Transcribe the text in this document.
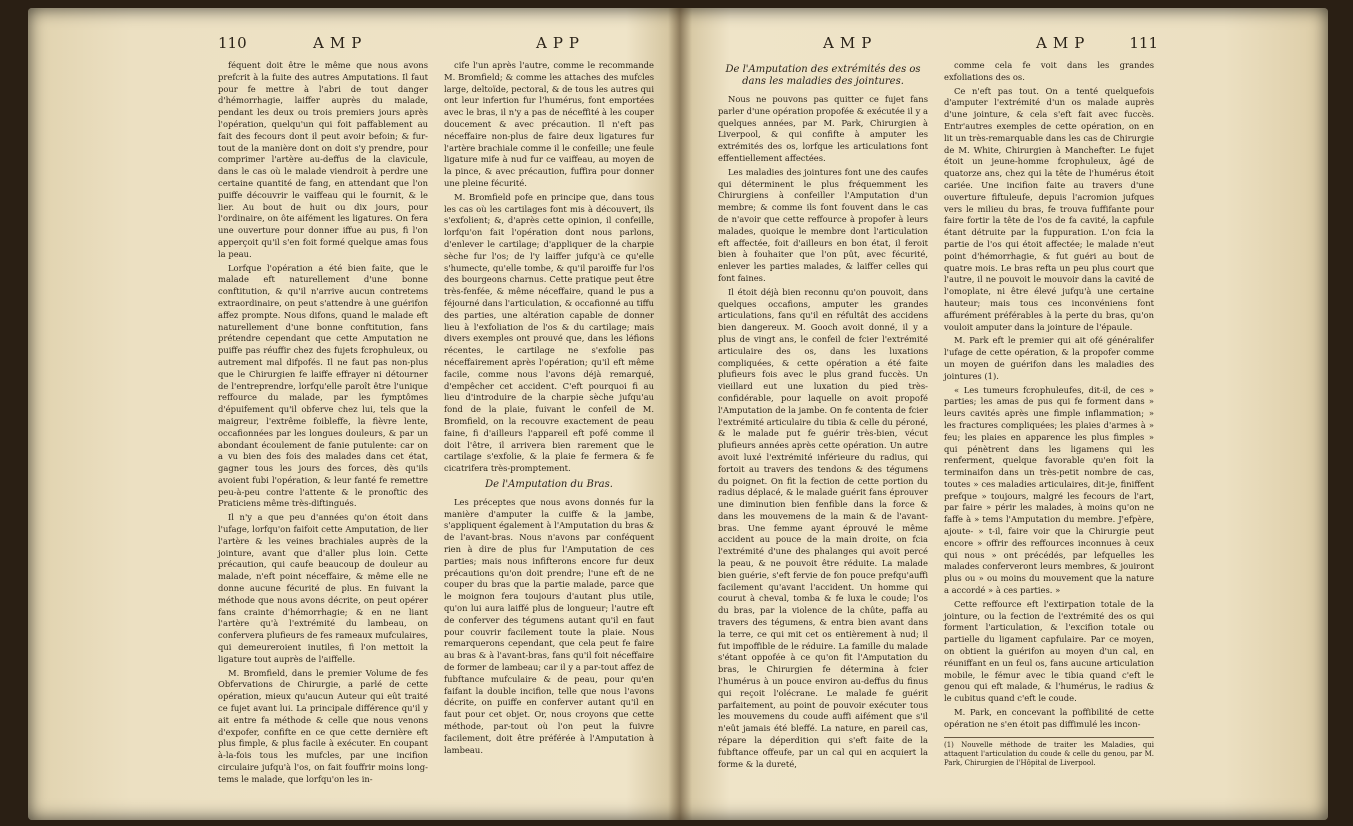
110	AMP	APP

féquent doit être le même que nous avons prefcrit à la fuite des autres Amputations. Il faut pour fe mettre à l'abri de tout danger d'hémorrhagie, laiffer auprès du malade, pendant les deux ou trois premiers jours après l'opération, quelqu'un qui foit paffablement au fait des fecours dont il peut avoir befoin; & fur-tout de la manière dont on doit s'y prendre, pour comprimer l'artère au-deffus de la clavicule, dans le cas où le malade viendroit à perdre une certaine quantité de fang, en attendant que l'on puiffe découvrir le vaiffeau qui le fournit, & le lier. Au bout de huit ou dix jours, pour l'ordinaire, on ôte aifément les ligatures. On fera une ouverture pour donner iffue au pus, fi l'on apperçoit qu'il s'en foit formé quelque amas fous la peau.

Lorfque l'opération a été bien faite, que le malade eft naturellement d'une bonne conftitution, & qu'il n'arrive aucun contretems extraordinaire, on peut s'attendre à une guérifon affez prompte. Nous difons, quand le malade eft naturellement d'une bonne conftitution, fans prétendre cependant que cette Amputation ne puiffe pas réuffir chez des fujets fcrophuleux, ou autrement mal difpofés. Il ne faut pas non-plus que le Chirurgien fe laiffe effrayer ni détourner de l'entreprendre, lorfqu'elle paroît être l'unique reffource du malade, par les fymptômes d'épuifement qu'il obferve chez lui, tels que la maigreur, l'extrême foibleffe, la fièvre lente, occafionnées par les longues douleurs, & par un abondant écoulement de fanie putulente: car on a vu bien des fois des malades dans cet état, gagner tous les jours des forces, dès qu'ils avoient fubi l'opération, & leur fanté fe remettre peu-à-peu contre l'attente & le pronoftic des Praticiens même très-diftingués.

Il n'y a que peu d'années qu'on étoit dans l'ufage, lorfqu'on faifoit cette Amputation, de lier l'artère & les veines brachiales auprès de la jointure, avant que d'aller plus loin. Cette précaution, qui caufe beaucoup de douleur au malade, n'eft point néceffaire, & même elle ne donne aucune fécurité de plus. En fuivant la méthode que nous avons décrite, on peut opérer fans crainte d'hémorrhagie; & en ne liant l'artère qu'à l'extrémité du lambeau, on confervera plufieurs de fes rameaux mufculaires, qui demeureroient inutiles, fi l'on mettoit la ligature tout auprès de l'aiffelle.

M. Bromfield, dans le premier Volume de fes Obfervations de Chirurgie, a parlé de cette opération, mieux qu'aucun Auteur qui eût traité ce fujet avant lui. La principale différence qu'il y ait entre fa méthode & celle que nous venons d'expofer, confifte en ce que cette dernière eft plus fimple, & plus facile à exécuter. En coupant à-la-fois tous les mufcles, par une incifion circulaire jufqu'à l'os, on fait fouffrir moins long-tems le malade, que lorfqu'on les in-

cife l'un après l'autre, comme le recommande M. Bromfield; & comme les attaches des mufcles large, deltoïde, pectoral, & de tous les autres qui ont leur infertion fur l'humérus, font emportées avec le bras, il n'y a pas de néceffité à les couper doucement & avec précaution. Il n'eft pas néceffaire non-plus de faire deux ligatures fur l'artère brachiale comme il le confeille; une feule ligature mife à nud fur ce vaiffeau, au moyen de la pince, & avec précaution, fuffira pour donner une pleine fécurité.

M. Bromfield pofe en principe que, dans tous les cas où les cartilages font mis à découvert, ils s'exfolient; &, d'après cette opinion, il confeille, lorfqu'on fait l'opération dont nous parlons, d'enlever le cartilage; d'appliquer de la charpie sèche fur l'os; de l'y laiffer jufqu'à ce qu'elle s'humecte, qu'elle tombe, & qu'il paroiffe fur l'os des bourgeons charnus. Cette pratique peut être très-fenfée, & même néceffaire, quand le pus a féjourné dans l'articulation, & occafionné au tiffu des parties, une altération capable de donner lieu à l'exfoliation de l'os & du cartilage; mais divers exemples ont prouvé que, dans les léfions récentes, le cartilage ne s'exfolie pas néceffairement après l'opération; qu'il eft même facile, comme nous l'avons déjà remarqué, d'empêcher cet accident. C'eft pourquoi fi au lieu d'introduire de la charpie sèche jufqu'au fond de la plaie, fuivant le confeil de M. Bromfield, on la recouvre exactement de peau faine, fi d'ailleurs l'appareil eft pofé comme il doit l'être, il arrivera bien rarement que le cartilage s'exfolie, & la plaie fe fermera & fe cicatrifera très-promptement.

De l'Amputation du Bras.

Les préceptes que nous avons donnés fur la manière d'amputer la cuiffe & la jambe, s'appliquent également à l'Amputation du bras & de l'avant-bras. Nous n'avons par conféquent rien à dire de plus fur l'Amputation de ces parties; mais nous infifterons encore fur deux précautions qu'on doit prendre; l'une eft de ne couper du bras que la partie malade, parce que le moignon fera toujours d'autant plus utile, qu'on lui aura laiffé plus de longueur; l'autre eft de conferver des tégumens autant qu'il en faut pour couvrir facilement toute la plaie. Nous remarquerons cependant, que cela peut fe faire au bras & à l'avant-bras, fans qu'il foit néceffaire de former de lambeau; car il y a par-tout affez de fubftance mufculaire & de peau, pour qu'en faifant la double incifion, telle que nous l'avons décrite, on puiffe en conferver autant qu'il en faut pour cet objet. Or, nous croyons que cette méthode, par-tout où l'on peut la fuivre facilement, doit être préférée à l'Amputation à lambeau.

AMP	AMP	111
De l'Amputation des extrémités des os dans les maladies des jointures.

Nous ne pouvons pas quitter ce fujet fans parler d'une opération propofée & exécutée il y a quelques années, par M. Park, Chirurgien à Liverpool, & qui confifte à amputer les extrémités des os, lorfque les articulations font effentiellement affectées.

Les maladies des jointures font une des caufes qui déterminent le plus fréquemment les Chirurgiens à confeiller l'Amputation d'un membre; & comme ils font fouvent dans le cas de n'avoir que cette reffource à propofer à leurs malades, quoique le membre dont l'articulation eft affectée, foit d'ailleurs en bon état, il feroit bien à fouhaiter que l'on pût, avec fécurité, enlever les parties malades, & laiffer celles qui font faines.

Il étoit déjà bien reconnu qu'on pouvoit, dans quelques occafions, amputer les grandes articulations, fans qu'il en réfultât des accidens bien dangereux. M. Gooch avoit donné, il y a plus de vingt ans, le confeil de fcier l'extrémité articulaire des os, dans les luxations compliquées, & cette opération a été faite plufieurs fois avec le plus grand fuccès. Un vieillard eut une luxation du pied très-confidérable, pour laquelle on avoit propofé l'Amputation de la jambe. On fe contenta de fcier l'extrémité articulaire du tibia & celle du péroné, & le malade put fe guérir très-bien, vécut plufieurs années après cette opération. Un autre avoit luxé l'extrémité inférieure du radius, qui fortoit au travers des tendons & des tégumens du poignet. On fit la fection de cette portion du radius déplacé, & le malade guérit fans éprouver une diminution bien fenfible dans la force & dans les mouvemens de la main & de l'avant-bras. Une femme ayant éprouvé le même accident au pouce de la main droite, on fcia l'extrémité d'une des phalanges qui avoit percé la peau, & ne pouvoit être réduite. La malade bien guérie, s'eft fervie de fon pouce prefqu'auffi facilement qu'avant l'accident. Un homme qui courut à cheval, tomba & fe luxa le coude; l'os du bras, par la violence de la chûte, paffa au travers des tégumens, & entra bien avant dans la terre, ce qui mit cet os entièrement à nud; il fut impoffible de le réduire. La famille du malade s'étant oppofée à ce qu'on fit l'Amputation du bras, le Chirurgien fe détermina à fcier l'humérus à un pouce environ au-deffus du finus qui reçoit l'olécrane. Le malade fe guérit parfaitement, au point de pouvoir exécuter tous les mouvemens du coude auffi aifément que s'il n'eût jamais été bleffé. La nature, en pareil cas, répare la déperdition qui s'eft faite de la fubftance offeufe, par un cal qui en acquiert la forme & la dureté,

comme cela fe voit dans les grandes exfoliations des os.

Ce n'eft pas tout. On a tenté quelquefois d'amputer l'extrémité d'un os malade auprès d'une jointure, & cela s'eft fait avec fuccès. Entr'autres exemples de cette opération, on en lit un très-remarquable dans les cas de Chirurgie de M. White, Chirurgien à Manchefter. Le fujet étoit un jeune-homme fcrophuleux, âgé de quatorze ans, chez qui la tête de l'humérus étoit cariée. Une incifion faite au travers d'une ouverture fiftuleufe, depuis l'acromion jufques vers le milieu du bras, fe trouva fuffifante pour faire fortir la tête de l'os de fa cavité, la capfule étant détruite par la fuppuration. L'on fcia la partie de l'os qui étoit affectée; le malade n'eut point d'hémorrhagie, & fut guéri au bout de quatre mois. Le bras refta un peu plus court que l'autre, il ne pouvoit le mouvoir dans la cavité de l'omoplate, ni être élevé jufqu'à une certaine hauteur; mais tous ces inconvéniens font affurément préférables à la perte du bras, qu'on vouloit amputer dans la jointure de l'épaule.

M. Park eft le premier qui ait ofé généralifer l'ufage de cette opération, & la propofer comme un moyen de guérifon dans les maladies des jointures (1).

« Les tumeurs fcrophuleufes, dit-il, de ces » parties; les amas de pus qui fe forment dans » leurs cavités après une fimple inflammation; » les fractures compliquées; les plaies d'armes à » feu; les plaies en apparence les plus fimples » qui pénètrent dans les ligamens qui les renferment, quelque favorable qu'en foit la terminaifon dans un très-petit nombre de cas, toutes » ces maladies articulaires, dit-je, finiffent prefque » toujours, malgré les fecours de l'art, par faire » périr les malades, à moins qu'on ne faffe à » tems l'Amputation du membre. J'efpère, ajoute- » t-il, faire voir que la Chirurgie peut encore » offrir des reffources inconnues à ceux qui nous » ont précédés, par lefquelles les malades conferveront leurs membres, & jouiront plus ou » ou moins du mouvement que la nature a accordé » à ces parties. »

Cette reffource eft l'extirpation totale de la jointure, ou la fection de l'extrémité des os qui forment l'articulation, & l'excifion totale ou partielle du ligament capfulaire. Par ce moyen, on obtient la guérifon au moyen d'un cal, en réuniffant en un feul os, fans aucune articulation mobile, le fémur avec le tibia quand c'eft le genou qui eft malade, & l'humérus, le radius & le cubitus quand c'eft le coude.

M. Park, en concevant la poffibilité de cette opération ne s'en étoit pas diffimulé les incon-

(1) Nouvelle méthode de traiter les Maladies, qui attaquent l'articulation du coude & celle du genou, par M. Park, Chirurgien de l'Hôpital de Liverpool.
